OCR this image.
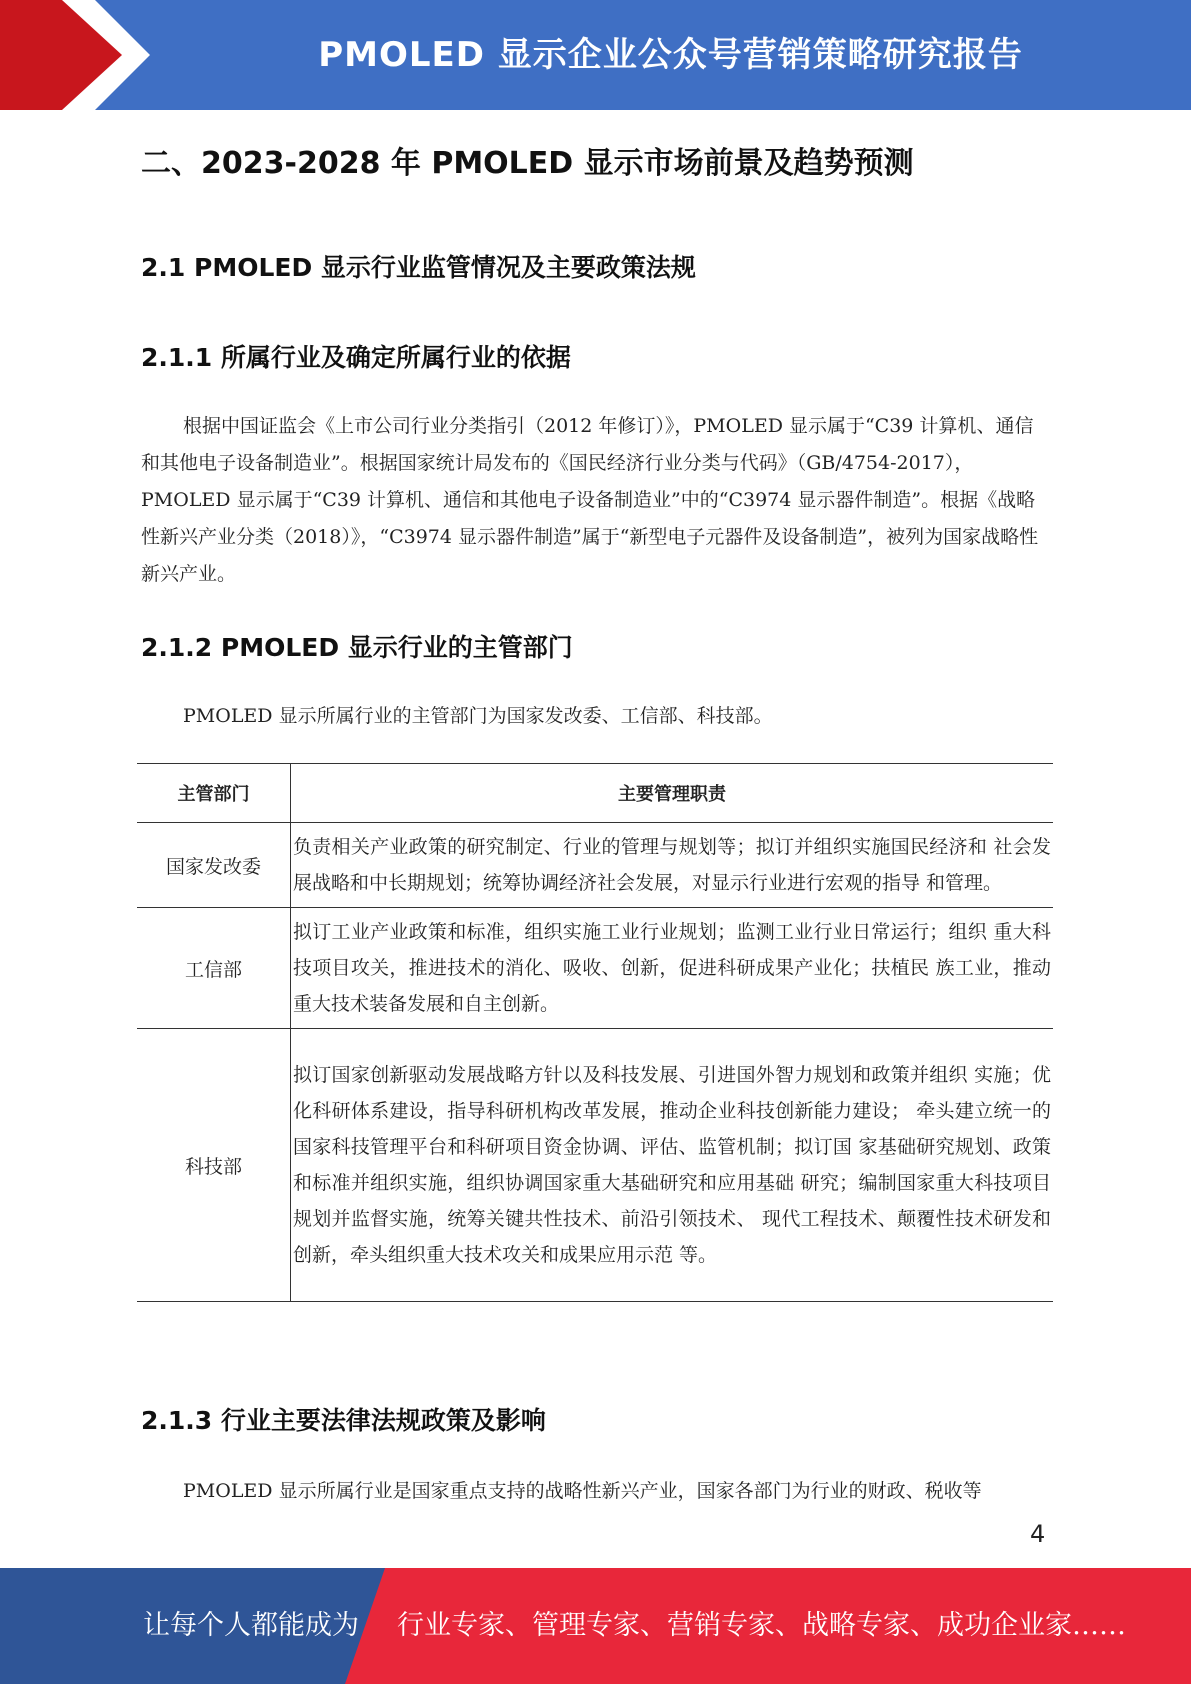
PMOLED 显示企业公众号营销策略研究报告
二、2023-2028 年 PMOLED 显示市场前景及趋势预测
2.1 PMOLED 显示行业监管情况及主要政策法规
2.1.1 所属行业及确定所属行业的依据

根据中国证监会《上市公司行业分类指引（2012 年修订）》，PMOLED 显示属于“C39 计算机、通信和其他电子设备制造业”。根据国家统计局发布的《国民经济行业分类与代码》（GB/4754-2017），PMOLED 显示属于“C39 计算机、通信和其他电子设备制造业”中的“C3974 显示器件制造”。根据《战略性新兴产业分类（2018）》，“C3974 显示器件制造”属于“新型电子元器件及设备制造”，被列为国家战略性新兴产业。

2.1.2 PMOLED 显示行业的主管部门

PMOLED 显示所属行业的主管部门为国家发改委、工信部、科技部。

主管部门	主要管理职责
国家发改委	负责相关产业政策的研究制定、行业的管理与规划等；拟订并组织实施国民经济和 社会发展战略和中长期规划；统筹协调经济社会发展，对显示行业进行宏观的指导 和管理。
工信部	拟订工业产业政策和标准，组织实施工业行业规划；监测工业行业日常运行；组织 重大科技项目攻关，推进技术的消化、吸收、创新，促进科研成果产业化；扶植民 族工业，推动重大技术装备发展和自主创新。
科技部	拟订国家创新驱动发展战略方针以及科技发展、引进国外智力规划和政策并组织 实施；优化科研体系建设，指导科研机构改革发展，推动企业科技创新能力建设； 牵头建立统一的国家科技管理平台和科研项目资金协调、评估、监管机制；拟订国 家基础研究规划、政策和标准并组织实施，组织协调国家重大基础研究和应用基础 研究；编制国家重大科技项目规划并监督实施，统筹关键共性技术、前沿引领技术、 现代工程技术、颠覆性技术研发和创新，牵头组织重大技术攻关和成果应用示范 等。
2.1.3 行业主要法律法规政策及影响

PMOLED 显示所属行业是国家重点支持的战略性新兴产业，国家各部门为行业的财政、税收等

4
让每个人都能成为 行业专家、管理专家、营销专家、战略专家、成功企业家……
